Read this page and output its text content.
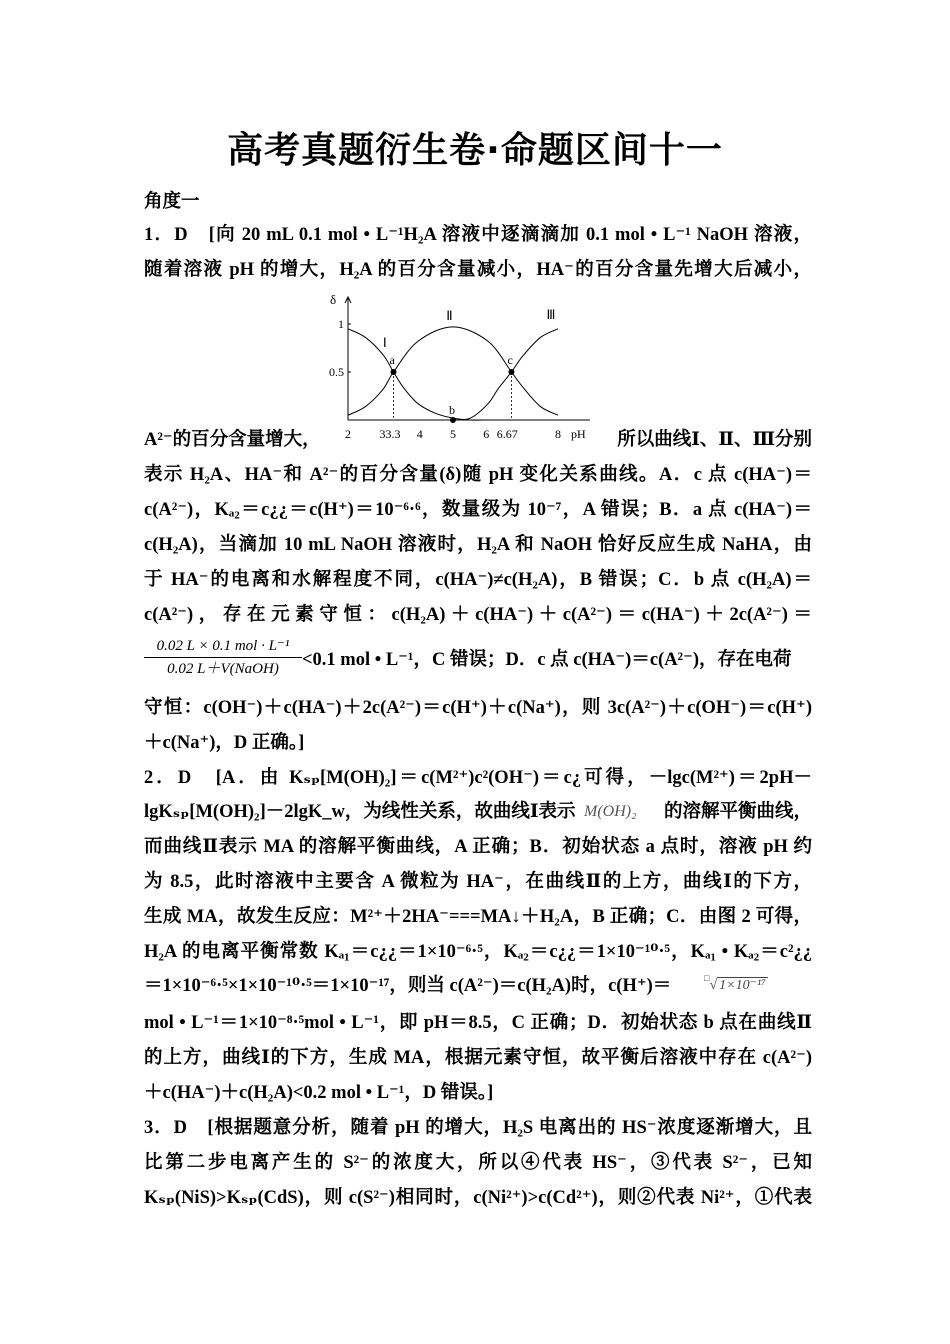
高考真题衍生卷·命题区间十一
角度一
1．D　[向 20 mL 0.1 mol • L⁻¹H₂A 溶液中逐滴滴加 0.1 mol • L⁻¹ NaOH 溶液，
随着溶液 pH 的增大，H₂A 的百分含量减小，HA⁻的百分含量先增大后减小，
δ
pH
2 33.3 4 5 6 6.67	8
1
0.5
Ⅰ
Ⅱ	Ⅲ
a
b
c
A²⁻的百分含量增大，	所以曲线Ⅰ、Ⅱ、Ⅲ分别
表示 H₂A、HA⁻和 A²⁻的百分含量(δ)随 pH 变化关系曲线。A．c 点 c(HA⁻)＝
c(A²⁻)，Kₐ₂＝c¿¿＝c(H⁺)＝10⁻⁶·⁶，数量级为 10⁻⁷，A 错误；B．a 点 c(HA⁻)＝
c(H₂A)，当滴加 10 mL NaOH 溶液时，H₂A 和 NaOH 恰好反应生成 NaHA，由
于 HA⁻的电离和水解程度不同，c(HA⁻)≠c(H₂A)，B 错误；C．b 点 c(H₂A)＝
c(A²⁻)，存在元素守恒：c(H₂A)＋c(HA⁻)＋c(A²⁻)＝c(HA⁻)＋2c(A²⁻)＝
0.02 L × 0.1 mol · L⁻¹
0.02 L＋V(NaOH)	<0.1 mol • L⁻¹，C 错误；D．c 点 c(HA⁻)＝c(A²⁻)，存在电荷
守恒：c(OH⁻)＋c(HA⁻)＋2c(A²⁻)＝c(H⁺)＋c(Na⁺)，则 3c(A²⁻)＋c(OH⁻)＝c(H⁺)
＋c(Na⁺)，D 正确。]
2．D　[A．由 Kₛₚ[M(OH)₂]＝c(M²⁺)c²(OH⁻)＝c¿可得，－lgc(M²⁺)＝2pH－
lgKₛₚ[M(OH)₂]－2lgK_w，为线性关系，故曲线Ⅰ表示 M(OH)₂	的溶解平衡曲线，
而曲线Ⅱ表示 MA 的溶解平衡曲线，A 正确；B．初始状态 a 点时，溶液 pH 约
为 8.5，此时溶液中主要含 A 微粒为 HA⁻，在曲线Ⅱ的上方，曲线Ⅰ的下方，
生成 MA，故发生反应：M²⁺＋2HA⁻===MA↓＋H₂A，B 正确；C．由图 2 可得，
H₂A 的电离平衡常数 Kₐ₁＝c¿¿＝1×10⁻⁶·⁵，Kₐ₂＝c¿¿＝1×10⁻¹⁰·⁵，Kₐ₁ • Kₐ₂＝c²¿¿
＝1×10⁻⁶·⁵×1×10⁻¹⁰·⁵＝1×10⁻¹⁷，则当 c(A²⁻)＝c(H₂A)时，c(H⁺)＝	□√ 1×10⁻¹⁷
mol • L⁻¹＝1×10⁻⁸·⁵mol • L⁻¹，即 pH＝8.5，C 正确；D．初始状态 b 点在曲线Ⅱ
的上方，曲线Ⅰ的下方，生成 MA，根据元素守恒，故平衡后溶液中存在 c(A²⁻)
＋c(HA⁻)＋c(H₂A)<0.2 mol • L⁻¹，D 错误。]
3．D　[根据题意分析，随着 pH 的增大，H₂S 电离出的 HS⁻浓度逐渐增大，且
比第二步电离产生的 S²⁻的浓度大，所以④代表 HS⁻，③代表 S²⁻，已知
Kₛₚ(NiS)>Kₛₚ(CdS)，则 c(S²⁻)相同时，c(Ni²⁺)>c(Cd²⁺)，则②代表 Ni²⁺，①代表
